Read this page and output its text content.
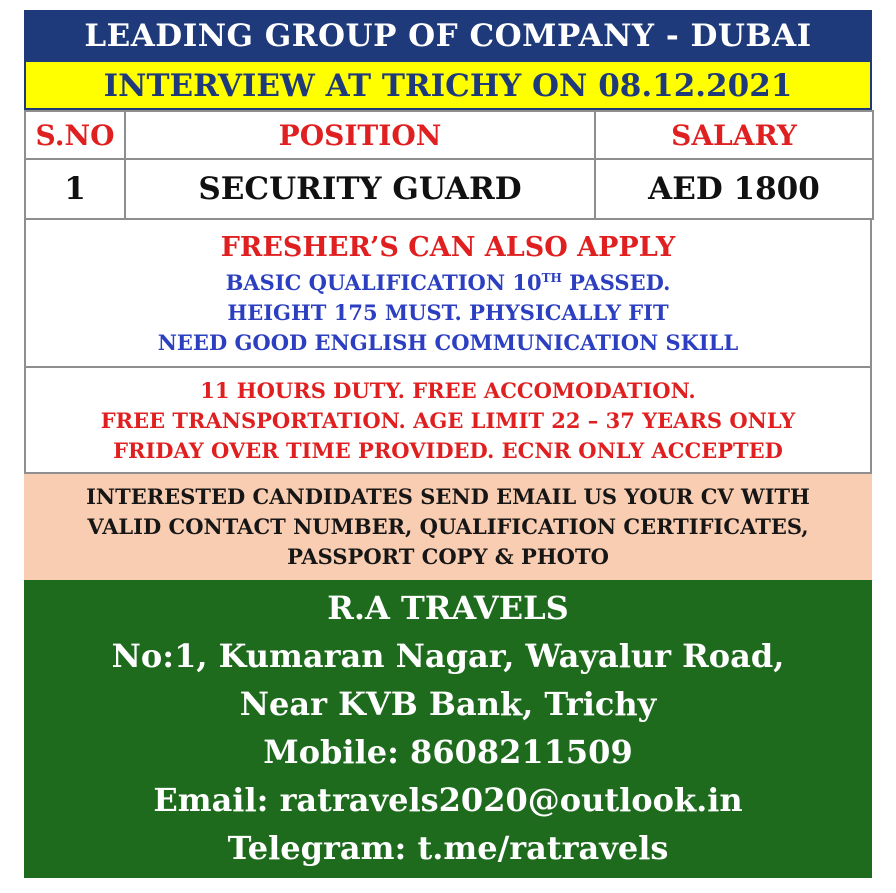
LEADING GROUP OF COMPANY - DUBAI
INTERVIEW AT TRICHY ON 08.12.2021
S.NO	POSITION	SALARY
1	SECURITY GUARD	AED 1800
FRESHER’S CAN ALSO APPLY
BASIC QUALIFICATION 10TH PASSED.
HEIGHT 175 MUST. PHYSICALLY FIT
NEED GOOD ENGLISH COMMUNICATION SKILL
11 HOURS DUTY. FREE ACCOMODATION.
FREE TRANSPORTATION. AGE LIMIT 22 – 37 YEARS ONLY
FRIDAY OVER TIME PROVIDED. ECNR ONLY ACCEPTED
INTERESTED CANDIDATES SEND EMAIL US YOUR CV WITH
VALID CONTACT NUMBER, QUALIFICATION CERTIFICATES,
PASSPORT COPY & PHOTO
R.A TRAVELS
No:1, Kumaran Nagar, Wayalur Road,
Near KVB Bank, Trichy
Mobile: 8608211509
Email: ratravels2020@outlook.in
Telegram: t.me/ratravels
